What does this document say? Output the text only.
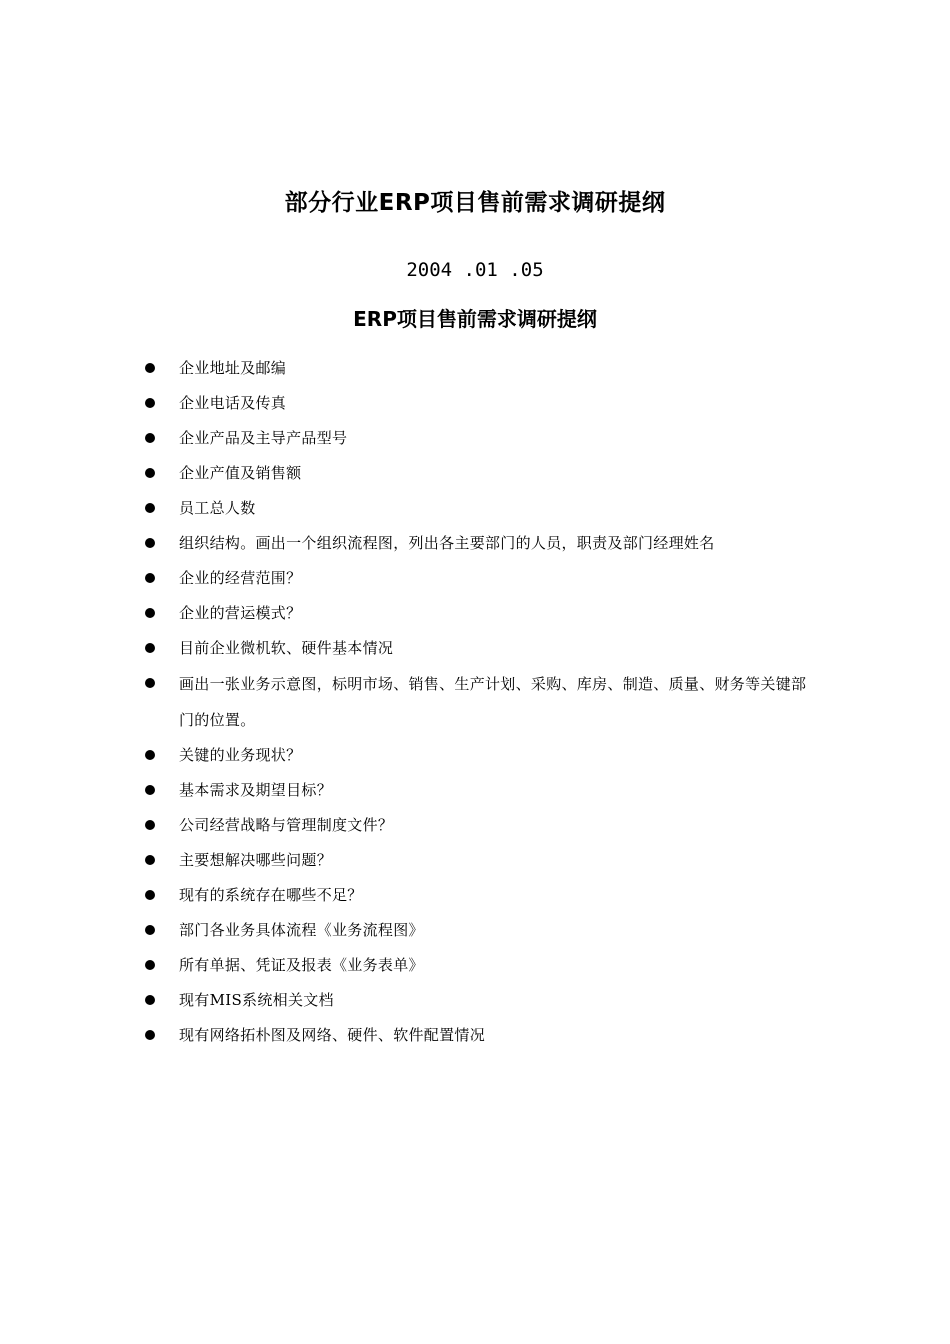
部分行业ERP项目售前需求调研提纲
2004 .01 .05
ERP项目售前需求调研提纲
企业地址及邮编
企业电话及传真
企业产品及主导产品型号
企业产值及销售额
员工总人数
组织结构。画出一个组织流程图，列出各主要部门的人员，职责及部门经理姓名
企业的经营范围？
企业的营运模式？
目前企业微机软、硬件基本情况
画出一张业务示意图，标明市场、销售、生产计划、采购、库房、制造、质量、财务等关键部门的位置。
关键的业务现状？
基本需求及期望目标？
公司经营战略与管理制度文件？
主要想解决哪些问题？
现有的系统存在哪些不足？
部门各业务具体流程《业务流程图》
所有单据、凭证及报表《业务表单》
现有MIS系统相关文档
现有网络拓朴图及网络、硬件、软件配置情况
